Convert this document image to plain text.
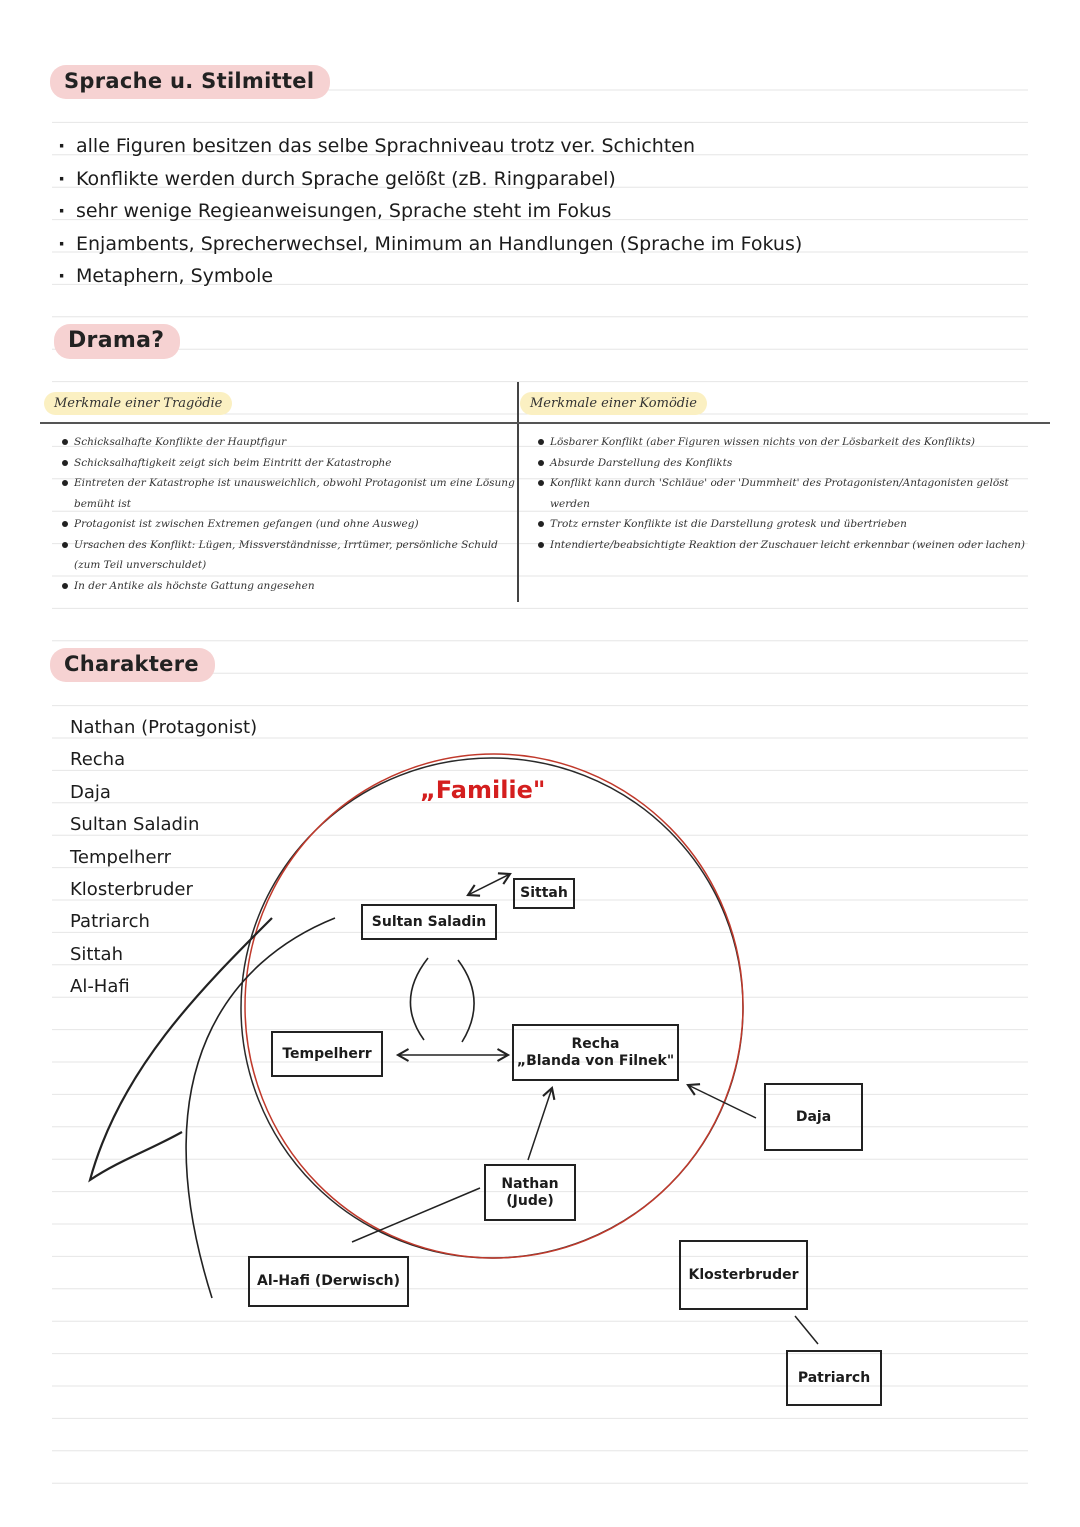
Sprache u. Stilmittel
· alle Figuren besitzen das selbe Sprachniveau trotz ver. Schichten
· Konflikte werden durch Sprache gelößt (zB. Ringparabel)
· sehr wenige Regieanweisungen, Sprache steht im Fokus
· Enjambents, Sprecherwechsel, Minimum an Handlungen (Sprache im Fokus)
· Metaphern, Symbole
Drama?
Merkmale einer Tragödie	Merkmale einer Komödie
Schicksalhafte Konflikte der Hauptfigur
Schicksalhaftigkeit zeigt sich beim Eintritt der Katastrophe
Eintreten der Katastrophe ist unausweichlich, obwohl Protagonist um eine Lösung bemüht ist
Protagonist ist zwischen Extremen gefangen (und ohne Ausweg)
Ursachen des Konflikt: Lügen, Missverständnisse, Irrtümer, persönliche Schuld (zum Teil unverschuldet)
In der Antike als höchste Gattung angesehen
Lösbarer Konflikt (aber Figuren wissen nichts von der Lösbarkeit des Konflikts)
Absurde Darstellung des Konflikts
Konflikt kann durch 'Schläue' oder 'Dummheit' des Protagonisten/Antagonisten gelöst werden
Trotz ernster Konflikte ist die Darstellung grotesk und übertrieben
Intendierte/beabsichtigte Reaktion der Zuschauer leicht erkennbar (weinen oder lachen)
Charaktere
Nathan (Protagonist)
Recha
Daja
Sultan Saladin
Tempelherr
Klosterbruder
Patriarch
Sittah
Al-Hafi
„Familie"
Sittah
Sultan Saladin
Tempelherr
Recha
„Blanda von Filnek"
Daja
Nathan
(Jude)
Al-Hafi (Derwisch)	Klosterbruder
Patriarch
